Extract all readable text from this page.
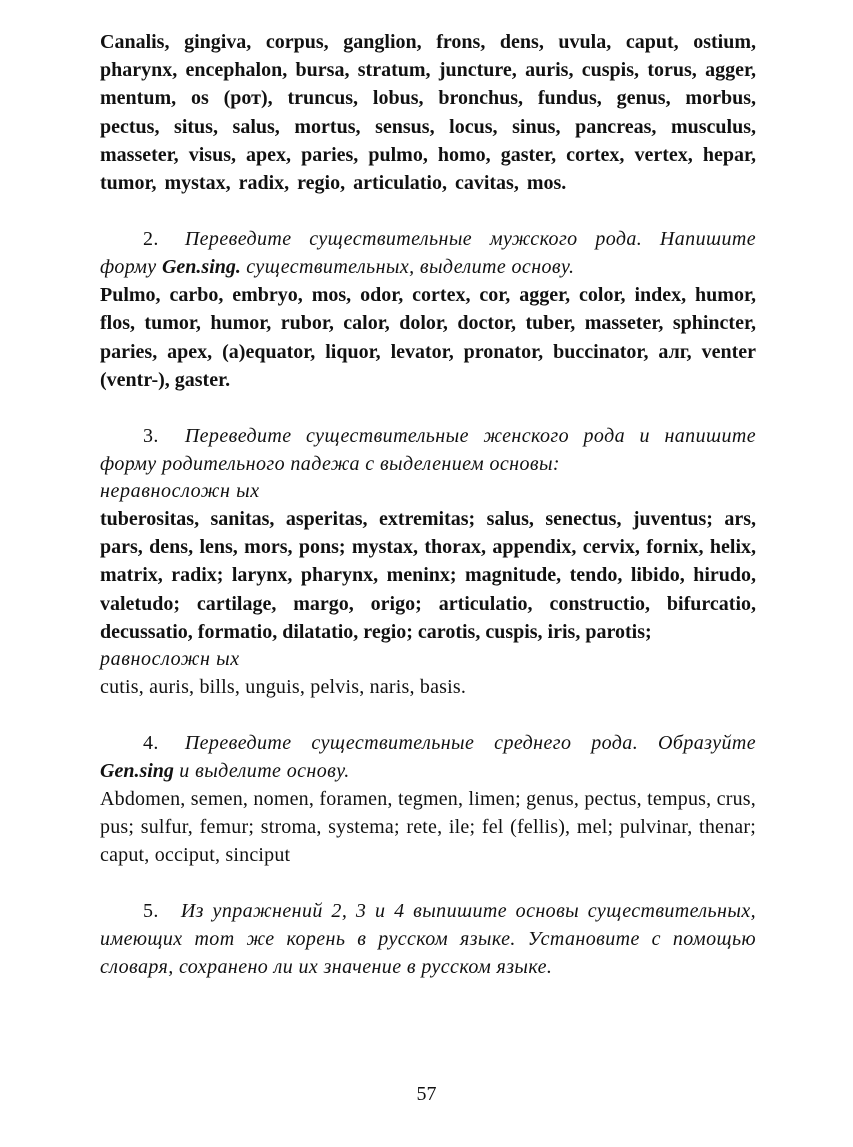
Canalis, gingiva, corpus, ganglion, frons, dens, uvula, caput, ostium, pharynx, encephalon, bursa, stratum, juncture, auris, cuspis, torus, agger, mentum, os (рот), truncus, lobus, bronchus, fundus, genus, morbus, pectus, situs, salus, mortus, sensus, locus, sinus, pancreas, musculus, masseter, visus, apex, paries, pulmo, homo, gaster, cortex, vertex, hepar, tumor, mystax, radix, regio, articulatio, cavitas, mos.

2. Переведите существительные мужского рода. Напишите форму Gen.sing. существительных, выделите основу.

Pulmo, carbo, embryo, mos, odor, cortex, cor, agger, color, index, humor, flos, tumor, humor, rubor, calor, dolor, doctor, tuber, masseter, sphincter, paries, apex, (a)equator, liquor, levator, pronator, buccinator, алг, venter (ventr-), gaster.

3. Переведите существительные женского рода и напишите форму родительного падежа с выделением основы:

неравносложн ых

tuberositas, sanitas, asperitas, extremitas; salus, senectus, juventus; ars, pars, dens, lens, mors, pons; mystax, thorax, appendix, cervix, fornix, helix, matrix, radix; larynx, pharynx, meninx; magnitude, tendo, libido, hirudo, valetudo; cartilage, margo, origo; articulatio, constructio, bifurcatio, decussatio, formatio, dilatatio, regio; carotis, cuspis, iris, parotis;

равносложн ых

cutis, auris, bills, unguis, pelvis, naris, basis.

4. Переведите существительные среднего рода. Образуйте Gen.sing и выделите основу.

Abdomen, semen, nomen, foramen, tegmen, limen; genus, pectus, tempus, crus, pus; sulfur, femur; stroma, systema; rete, ile; fel (fellis), mel; pulvinar, thenar; caput, occiput, sinciput

5. Из упражнений 2, 3 и 4 выпишите основы существительных, имеющих тот же корень в русском языке. Установите с помощью словаря, сохранено ли их значение в русском языке.

57
